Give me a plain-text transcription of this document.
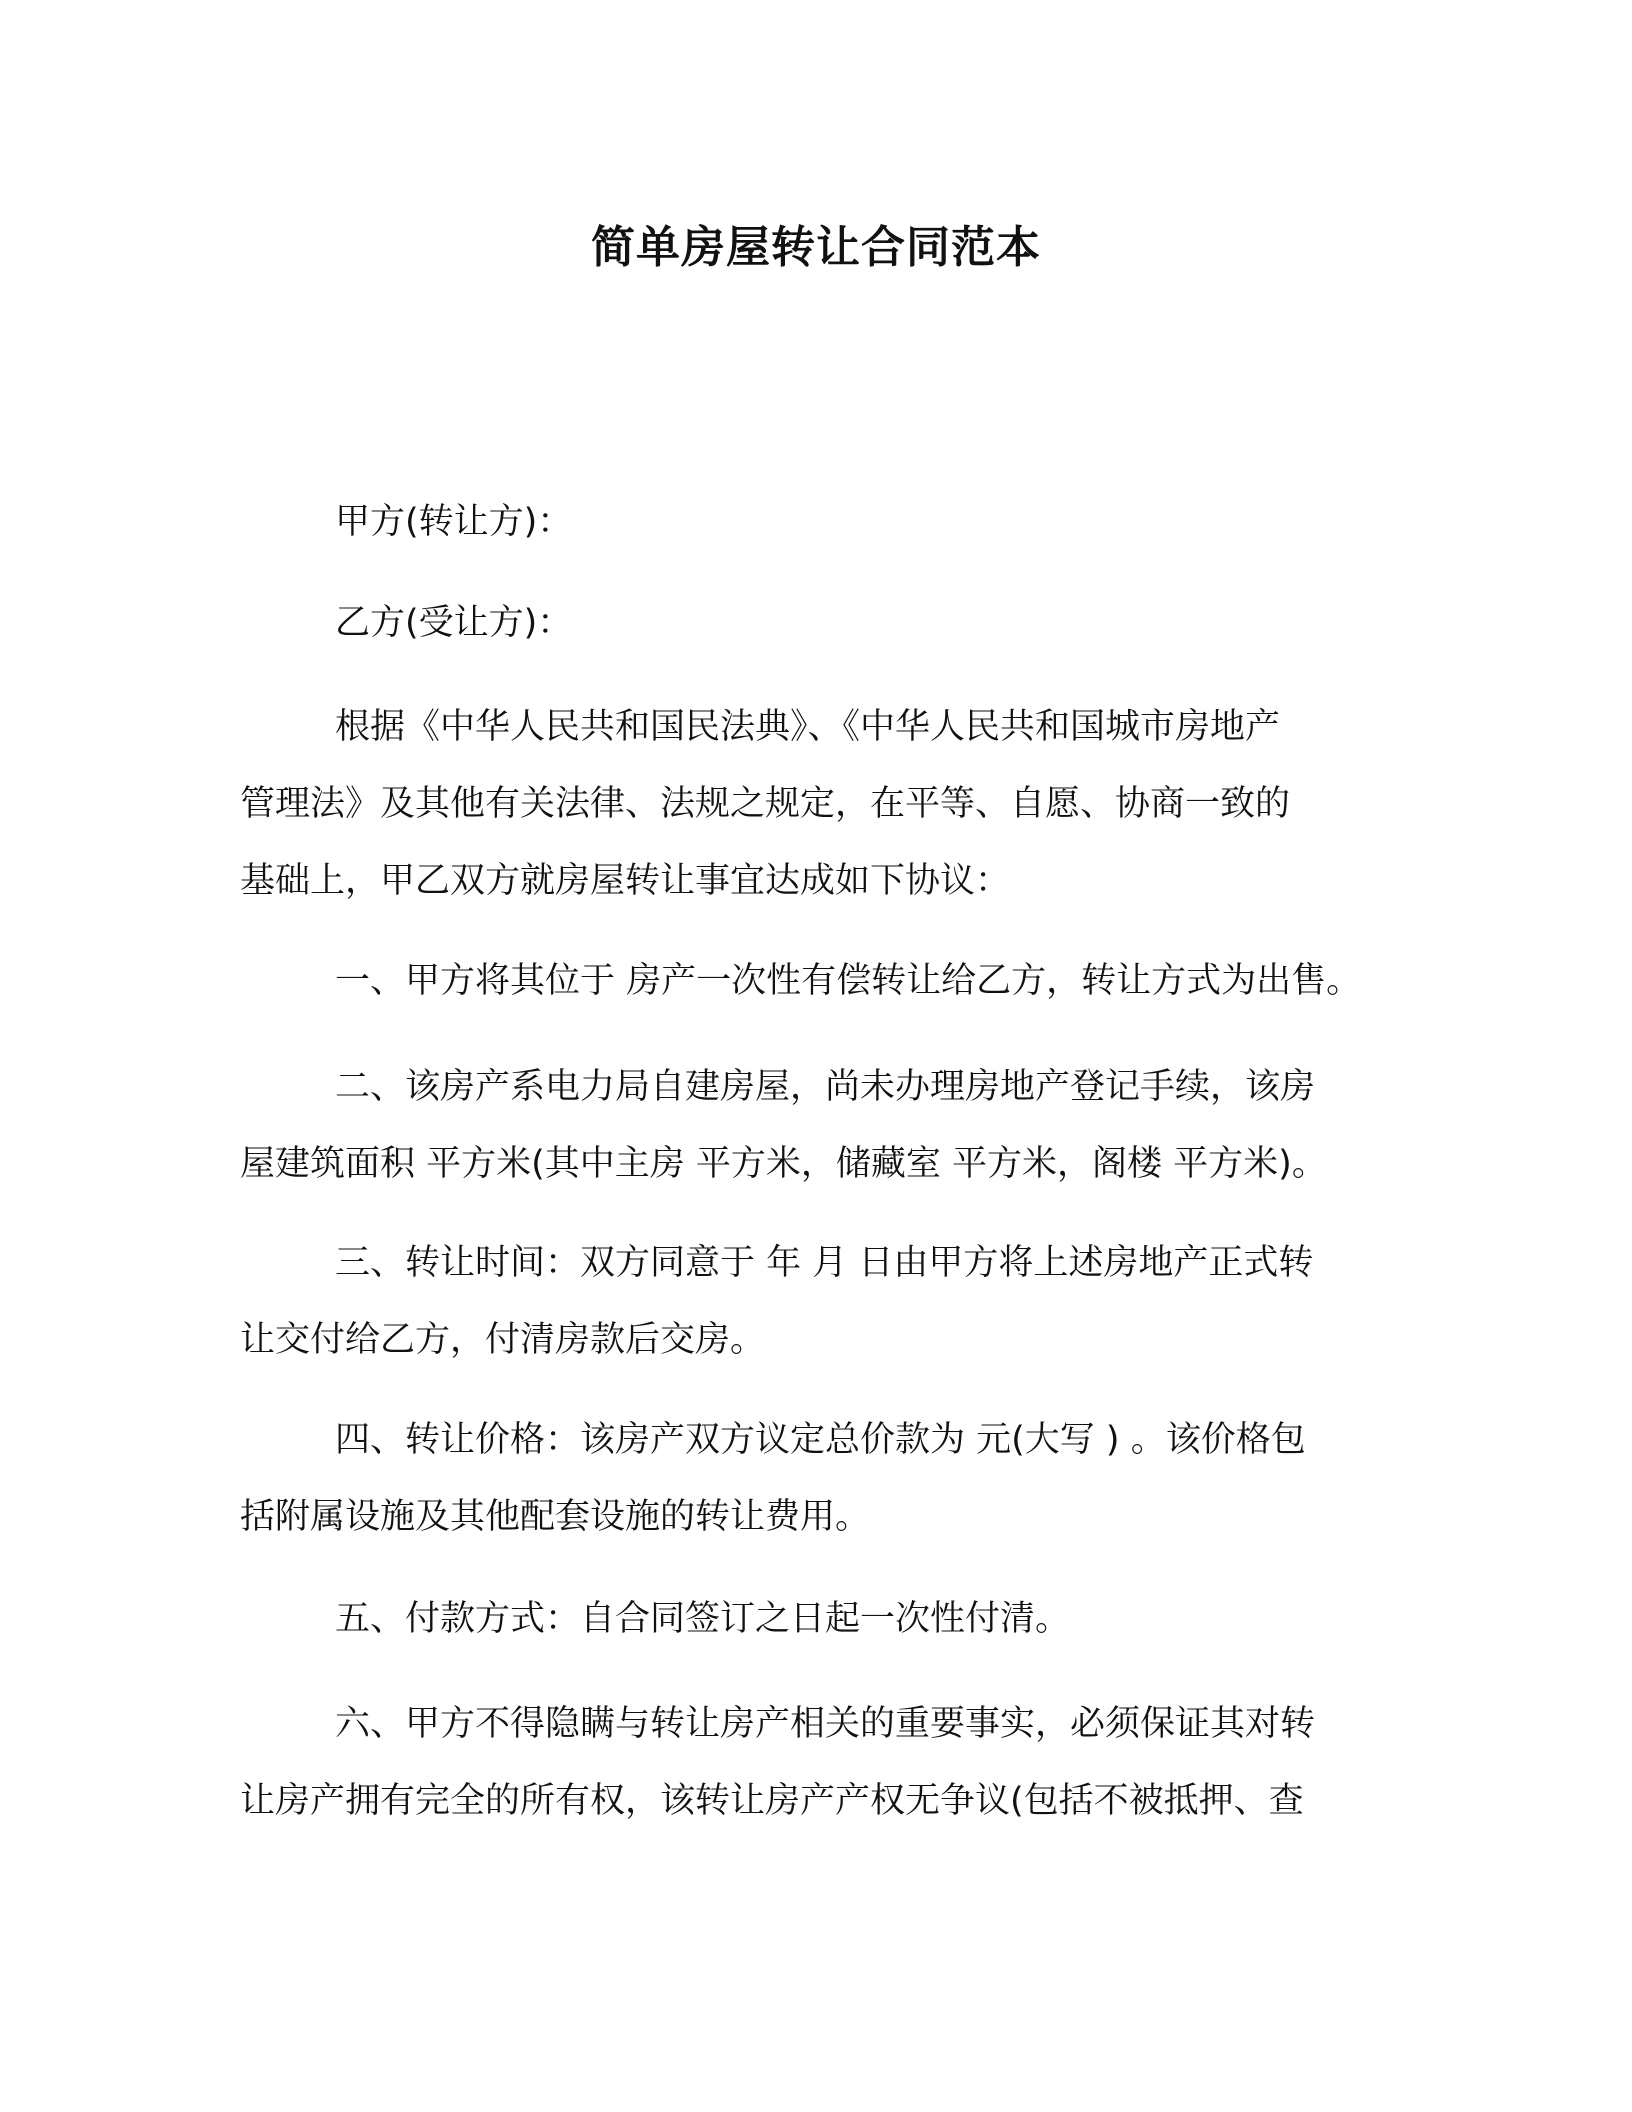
简单房屋转让合同范本
甲方(转让方)：
乙方(受让方)：
根据《中华人民共和国民法典》、《中华人民共和国城市房地产
管理法》及其他有关法律、法规之规定，在平等、自愿、协商一致的
基础上，甲乙双方就房屋转让事宜达成如下协议：
一、甲方将其位于 房产一次性有偿转让给乙方，转让方式为出售。
二、该房产系电力局自建房屋，尚未办理房地产登记手续，该房
屋建筑面积 平方米(其中主房 平方米，储藏室 平方米，阁楼 平方米)。
三、转让时间：双方同意于 年 月 日由甲方将上述房地产正式转
让交付给乙方，付清房款后交房。
四、转让价格：该房产双方议定总价款为 元(大写 ) 。该价格包
括附属设施及其他配套设施的转让费用。
五、付款方式：自合同签订之日起一次性付清。
六、甲方不得隐瞒与转让房产相关的重要事实，必须保证其对转
让房产拥有完全的所有权，该转让房产产权无争议(包括不被抵押、查
